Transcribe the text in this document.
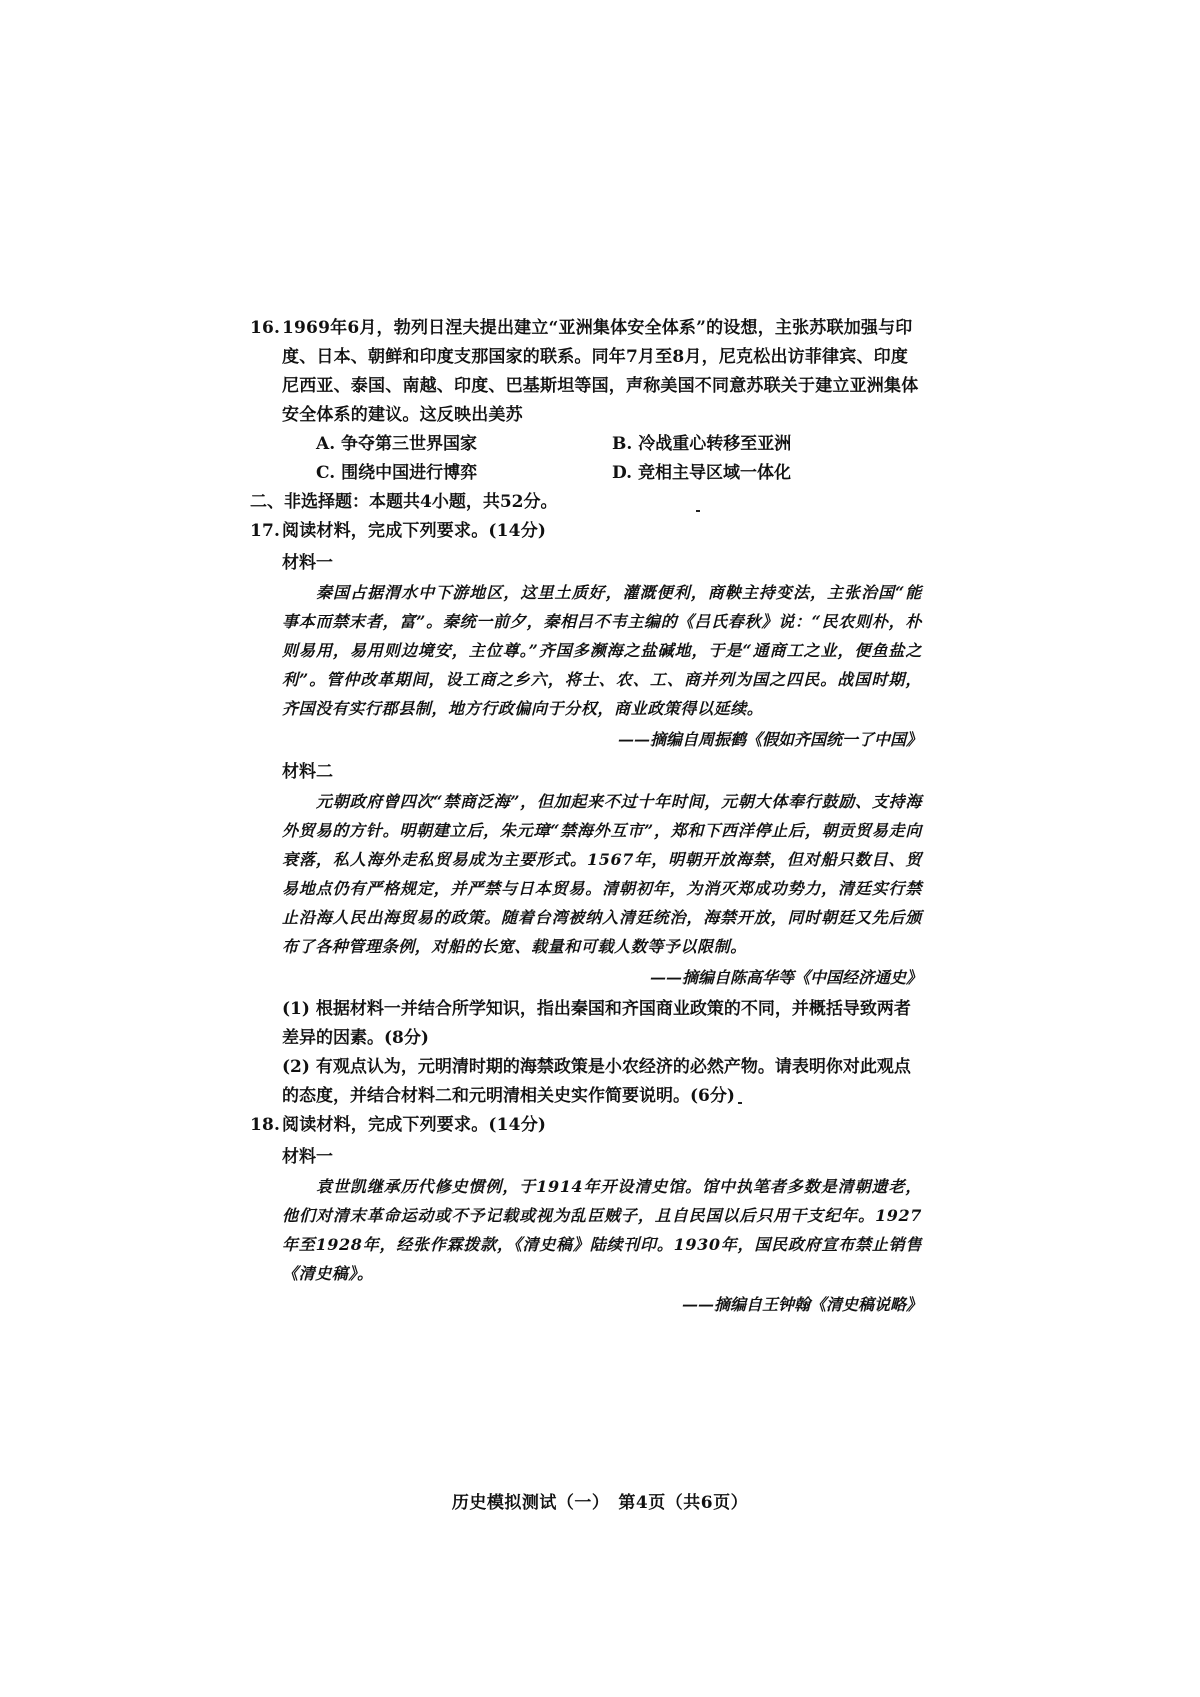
16. 1969年6月，勃列日涅夫提出建立“亚洲集体安全体系”的设想，主张苏联加强与印度、日本、朝鲜和印度支那国家的联系。同年7月至8月，尼克松出访菲律宾、印度尼西亚、泰国、南越、印度、巴基斯坦等国，声称美国不同意苏联关于建立亚洲集体安全体系的建议。这反映出美苏
A. 争夺第三世界国家	B. 冷战重心转移至亚洲
C. 围绕中国进行博弈	D. 竞相主导区域一体化
二、非选择题：本题共4小题，共52分。
17. 阅读材料，完成下列要求。(14分)
材料一
秦国占据渭水中下游地区，这里土质好，灌溉便利，商鞅主持变法，主张治国“能事本而禁末者，富”。秦统一前夕，秦相吕不韦主编的《吕氏春秋》说：“民农则朴，朴则易用，易用则边境安，主位尊。”齐国多濒海之盐碱地，于是“通商工之业，便鱼盐之利”。管仲改革期间，设工商之乡六，将士、农、工、商并列为国之四民。战国时期，齐国没有实行郡县制，地方行政偏向于分权，商业政策得以延续。
——摘编自周振鹤《假如齐国统一了中国》
材料二
元朝政府曾四次“禁商泛海”，但加起来不过十年时间，元朝大体奉行鼓励、支持海外贸易的方针。明朝建立后，朱元璋“禁海外互市”，郑和下西洋停止后，朝贡贸易走向衰落，私人海外走私贸易成为主要形式。1567年，明朝开放海禁，但对船只数目、贸易地点仍有严格规定，并严禁与日本贸易。清朝初年，为消灭郑成功势力，清廷实行禁止沿海人民出海贸易的政策。随着台湾被纳入清廷统治，海禁开放，同时朝廷又先后颁布了各种管理条例，对船的长宽、载量和可载人数等予以限制。
——摘编自陈高华等《中国经济通史》
(1) 根据材料一并结合所学知识，指出秦国和齐国商业政策的不同，并概括导致两者差异的因素。(8分)
(2) 有观点认为，元明清时期的海禁政策是小农经济的必然产物。请表明你对此观点的态度，并结合材料二和元明清相关史实作简要说明。(6分)
18. 阅读材料，完成下列要求。(14分)
材料一
袁世凯继承历代修史惯例，于1914年开设清史馆。馆中执笔者多数是清朝遗老，他们对清末革命运动或不予记载或视为乱臣贼子，且自民国以后只用干支纪年。1927年至1928年，经张作霖拨款，《清史稿》陆续刊印。1930年，国民政府宣布禁止销售《清史稿》。
——摘编自王钟翰《清史稿说略》
历史模拟测试（一）　第4页（共6页）
